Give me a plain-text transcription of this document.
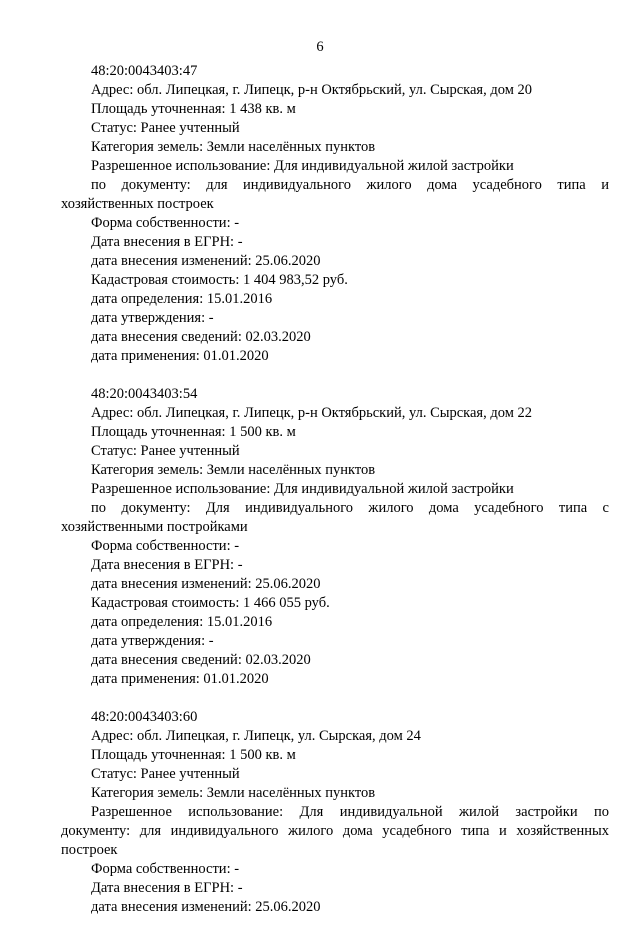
6
48:20:0043403:47
Адрес: обл. Липецкая, г. Липецк, р-н Октябрьский, ул. Сырская, дом 20
Площадь уточненная: 1 438 кв. м
Статус: Ранее учтенный
Категория земель: Земли населённых пунктов
Разрешенное использование: Для индивидуальной жилой застройки
по документу: для индивидуального жилого дома усадебного типа и
хозяйственных построек
Форма собственности: -
Дата внесения в ЕГРН: -
дата внесения изменений: 25.06.2020
Кадастровая стоимость: 1 404 983,52 руб.
дата определения: 15.01.2016
дата утверждения: -
дата внесения сведений: 02.03.2020
дата применения: 01.01.2020
48:20:0043403:54
Адрес: обл. Липецкая, г. Липецк, р-н Октябрьский, ул. Сырская, дом 22
Площадь уточненная: 1 500 кв. м
Статус: Ранее учтенный
Категория земель: Земли населённых пунктов
Разрешенное использование: Для индивидуальной жилой застройки
по документу: Для индивидуального жилого дома усадебного типа с
хозяйственными постройками
Форма собственности: -
Дата внесения в ЕГРН: -
дата внесения изменений: 25.06.2020
Кадастровая стоимость: 1 466 055 руб.
дата определения: 15.01.2016
дата утверждения: -
дата внесения сведений: 02.03.2020
дата применения: 01.01.2020
48:20:0043403:60
Адрес: обл. Липецкая, г. Липецк, ул. Сырская, дом 24
Площадь уточненная: 1 500 кв. м
Статус: Ранее учтенный
Категория земель: Земли населённых пунктов
Разрешенное использование: Для индивидуальной жилой застройки по
документу: для индивидуального жилого дома усадебного типа и хозяйственных
построек
Форма собственности: -
Дата внесения в ЕГРН: -
дата внесения изменений: 25.06.2020
